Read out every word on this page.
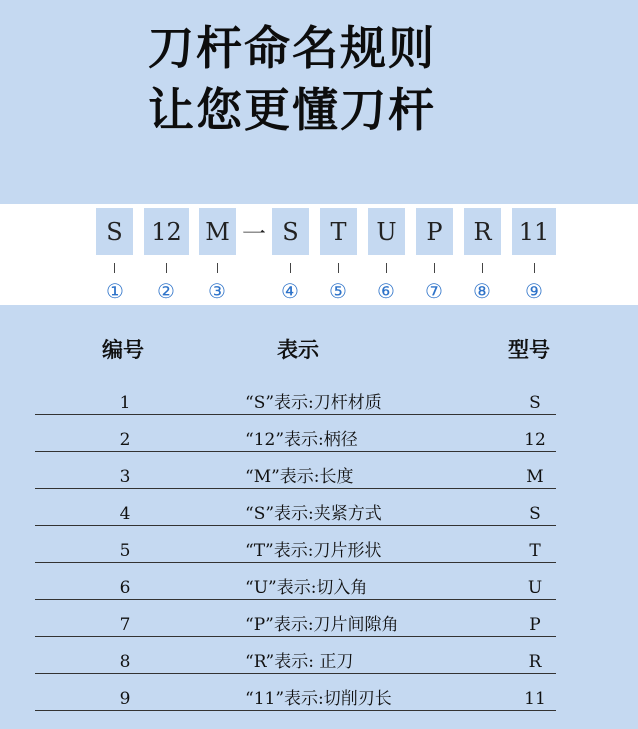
刀杆命名规则
让您更懂刀杆
S	12 M 一 S	T	U	P	R	11
① ② ③	④ ⑤ ⑥ ⑦ ⑧ ⑨
编号	表示	型号
1	“S”表示:刀杆材质	S
2	“12”表示:柄径	12
3	“M”表示:长度	M
4	“S”表示:夹紧方式	S
5	“T”表示:刀片形状	T
6	“U”表示:切入角	U
7	“P”表示:刀片间隙角	P
8	“R”表示: 正刀	R
9	“11”表示:切削刃长	11
